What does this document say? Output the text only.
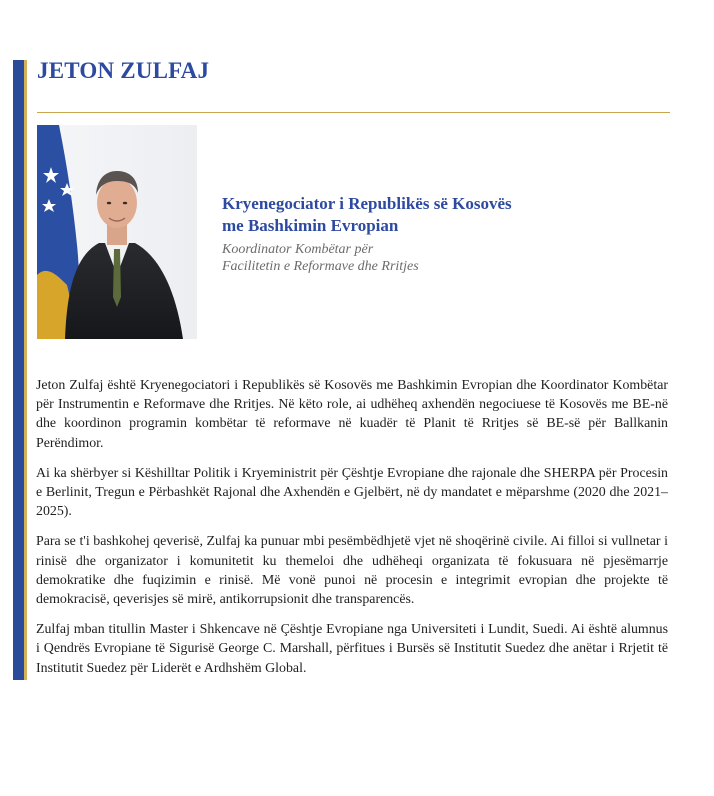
JETON ZULFAJ

Kryenegociator i Republikës së Kosovës
me Bashkimin Evropian

Koordinator Kombëtar për
Facilitetin e Reformave dhe Rritjes

Jeton Zulfaj është Kryenegociatori i Republikës së Kosovës me Bashkimin Evropian dhe Koordinator Kombëtar për Instrumentin e Reformave dhe Rritjes. Në këto role, ai udhëheq axhendën negociuese të Kosovës me BE-në dhe koordinon programin kombëtar të reformave në kuadër të Planit të Rritjes së BE-së për Ballkanin Perëndimor.

Ai ka shërbyer si Këshilltar Politik i Kryeministrit për Çështje Evropiane dhe rajonale dhe SHERPA për Procesin e Berlinit, Tregun e Përbashkët Rajonal dhe Axhendën e Gjelbërt, në dy mandatet e mëparshme (2020 dhe 2021–2025).

Para se t'i bashkohej qeverisë, Zulfaj ka punuar mbi pesëmbëdhjetë vjet në shoqërinë civile. Ai filloi si vullnetar i rinisë dhe organizator i komunitetit ku themeloi dhe udhëheqi organizata të fokusuara në pjesëmarrje demokratike dhe fuqizimin e rinisë. Më vonë punoi në procesin e integrimit evropian dhe projekte të demokracisë, qeverisjes së mirë, antikorrupsionit dhe transparencës.

Zulfaj mban titullin Master i Shkencave në Çështje Evropiane nga Universiteti i Lundit, Suedi. Ai është alumnus i Qendrës Evropiane të Sigurisë George C. Marshall, përfitues i Bursës së Institutit Suedez dhe anëtar i Rrjetit të Institutit Suedez për Liderët e Ardhshëm Global.
